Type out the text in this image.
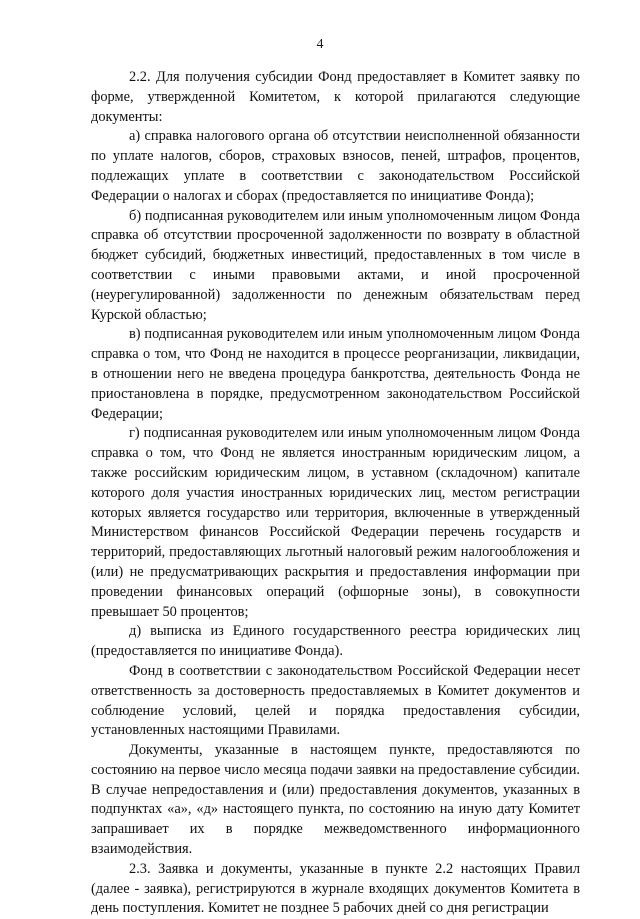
4

2.2. Для получения субсидии Фонд предоставляет в Комитет заявку по форме, утвержденной Комитетом, к которой прилагаются следующие документы:

а) справка налогового органа об отсутствии неисполненной обязанности по уплате налогов, сборов, страховых взносов, пеней, штрафов, процентов, подлежащих уплате в соответствии с законодательством Российской Федерации о налогах и сборах (предоставляется по инициативе Фонда);

б) подписанная руководителем или иным уполномоченным лицом Фонда справка об отсутствии просроченной задолженности по возврату в областной бюджет субсидий, бюджетных инвестиций, предоставленных в том числе в соответствии с иными правовыми актами, и иной просроченной (неурегулированной) задолженности по денежным обязательствам перед Курской областью;

в) подписанная руководителем или иным уполномоченным лицом Фонда справка о том, что Фонд не находится в процессе реорганизации, ликвидации, в отношении него не введена процедура банкротства, деятельность Фонда не приостановлена в порядке, предусмотренном законодательством Российской Федерации;

г) подписанная руководителем или иным уполномоченным лицом Фонда справка о том, что Фонд не является иностранным юридическим лицом, а также российским юридическим лицом, в уставном (складочном) капитале которого доля участия иностранных юридических лиц, местом регистрации которых является государство или территория, включенные в утвержденный Министерством финансов Российской Федерации перечень государств и территорий, предоставляющих льготный налоговый режим налогообложения и (или) не предусматривающих раскрытия и предоставления информации при проведении финансовых операций (офшорные зоны), в совокупности превышает 50 процентов;

д) выписка из Единого государственного реестра юридических лиц (предоставляется по инициативе Фонда).

Фонд в соответствии с законодательством Российской Федерации несет ответственность за достоверность предоставляемых в Комитет документов и соблюдение условий, целей и порядка предоставления субсидии, установленных настоящими Правилами.

Документы, указанные в настоящем пункте, предоставляются по состоянию на первое число месяца подачи заявки на предоставление субсидии. В случае непредоставления и (или) предоставления документов, указанных в подпунктах «а», «д» настоящего пункта, по состоянию на иную дату Комитет запрашивает их в порядке межведомственного информационного взаимодействия.

2.3. Заявка и документы, указанные в пункте 2.2 настоящих Правил (далее - заявка), регистрируются в журнале входящих документов Комитета в день поступления. Комитет не позднее 5 рабочих дней со дня регистрации
